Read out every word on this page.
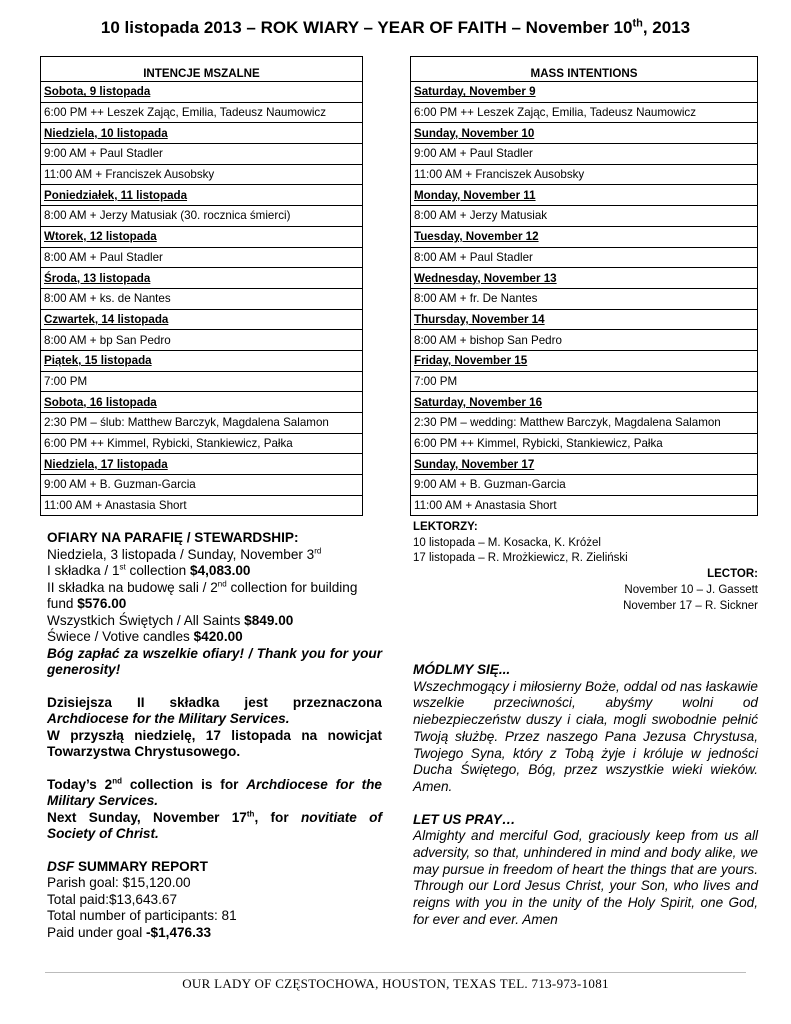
10 listopada 2013 – ROK WIARY – YEAR OF FAITH – November 10th, 2013
INTENCJE MSZALNE
Sobota, 9 listopada
6:00 PM ++ Leszek Zając, Emilia, Tadeusz Naumowicz
Niedziela, 10 listopada
9:00 AM + Paul Stadler
11:00 AM + Franciszek Ausobsky
Poniedziałek, 11 listopada
8:00 AM + Jerzy Matusiak (30. rocznica śmierci)
Wtorek, 12 listopada
8:00 AM + Paul Stadler
Środa, 13 listopada
8:00 AM + ks. de Nantes
Czwartek, 14 listopada
8:00 AM + bp San Pedro
Piątek, 15 listopada
7:00 PM
Sobota, 16 listopada
2:30 PM – ślub: Matthew Barczyk, Magdalena Salamon
6:00 PM ++ Kimmel, Rybicki, Stankiewicz, Pałka
Niedziela, 17 listopada
9:00 AM + B. Guzman-Garcia
11:00 AM + Anastasia Short
MASS INTENTIONS
Saturday, November 9
6:00 PM ++ Leszek Zając, Emilia, Tadeusz Naumowicz
Sunday, November 10
9:00 AM + Paul Stadler
11:00 AM + Franciszek Ausobsky
Monday, November 11
8:00 AM + Jerzy Matusiak
Tuesday, November 12
8:00 AM + Paul Stadler
Wednesday, November 13
8:00 AM + fr. De Nantes
Thursday, November 14
8:00 AM + bishop San Pedro
Friday, November 15
7:00 PM
Saturday, November 16
2:30 PM – wedding: Matthew Barczyk, Magdalena Salamon
6:00 PM ++ Kimmel, Rybicki, Stankiewicz, Pałka
Sunday, November 17
9:00 AM + B. Guzman-Garcia
11:00 AM + Anastasia Short
OFIARY NA PARAFIĘ / STEWARDSHIP:
Niedziela, 3 listopada / Sunday, November 3rd
I składka / 1st collection $4,083.00
II składka na budowę sali / 2nd collection for building fund $576.00
Wszystkich Świętych / All Saints $849.00
Świece / Votive candles $420.00
Bóg zapłać za wszelkie ofiary! / Thank you for your generosity!
Dzisiejsza II składka jest przeznaczona Archdiocese for the Military Services.
W przyszłą niedzielę, 17 listopada na nowicjat Towarzystwa Chrystusowego.
Today’s 2nd collection is for Archdiocese for the Military Services.
Next Sunday, November 17th, for novitiate of Society of Christ.
DSF SUMMARY REPORT
Parish goal: $15,120.00
Total paid:$13,643.67
Total number of participants: 81
Paid under goal -$1,476.33
LEKTORZY:
10 listopada – M. Kosacka, K. Króżel
17 listopada – R. Mrożkiewicz, R. Zieliński
LECTOR:
November 10 – J. Gassett
November 17 – R. Sickner
MÓDLMY SIĘ...
Wszechmogący i miłosierny Boże, oddal od nas łaskawie wszelkie przeciwności, abyśmy wolni od niebezpieczeństw duszy i ciała, mogli swobodnie pełnić Twoją służbę. Przez naszego Pana Jezusa Chrystusa, Twojego Syna, który z Tobą żyje i króluje w jedności Ducha Świętego, Bóg, przez wszystkie wieki wieków. Amen.
LET US PRAY…
Almighty and merciful God, graciously keep from us all adversity, so that, unhindered in mind and body alike, we may pursue in freedom of heart the things that are yours. Through our Lord Jesus Christ, your Son, who lives and reigns with you in the unity of the Holy Spirit, one God, for ever and ever. Amen
OUR LADY OF CZĘSTOCHOWA, HOUSTON, TEXAS TEL. 713-973-1081
